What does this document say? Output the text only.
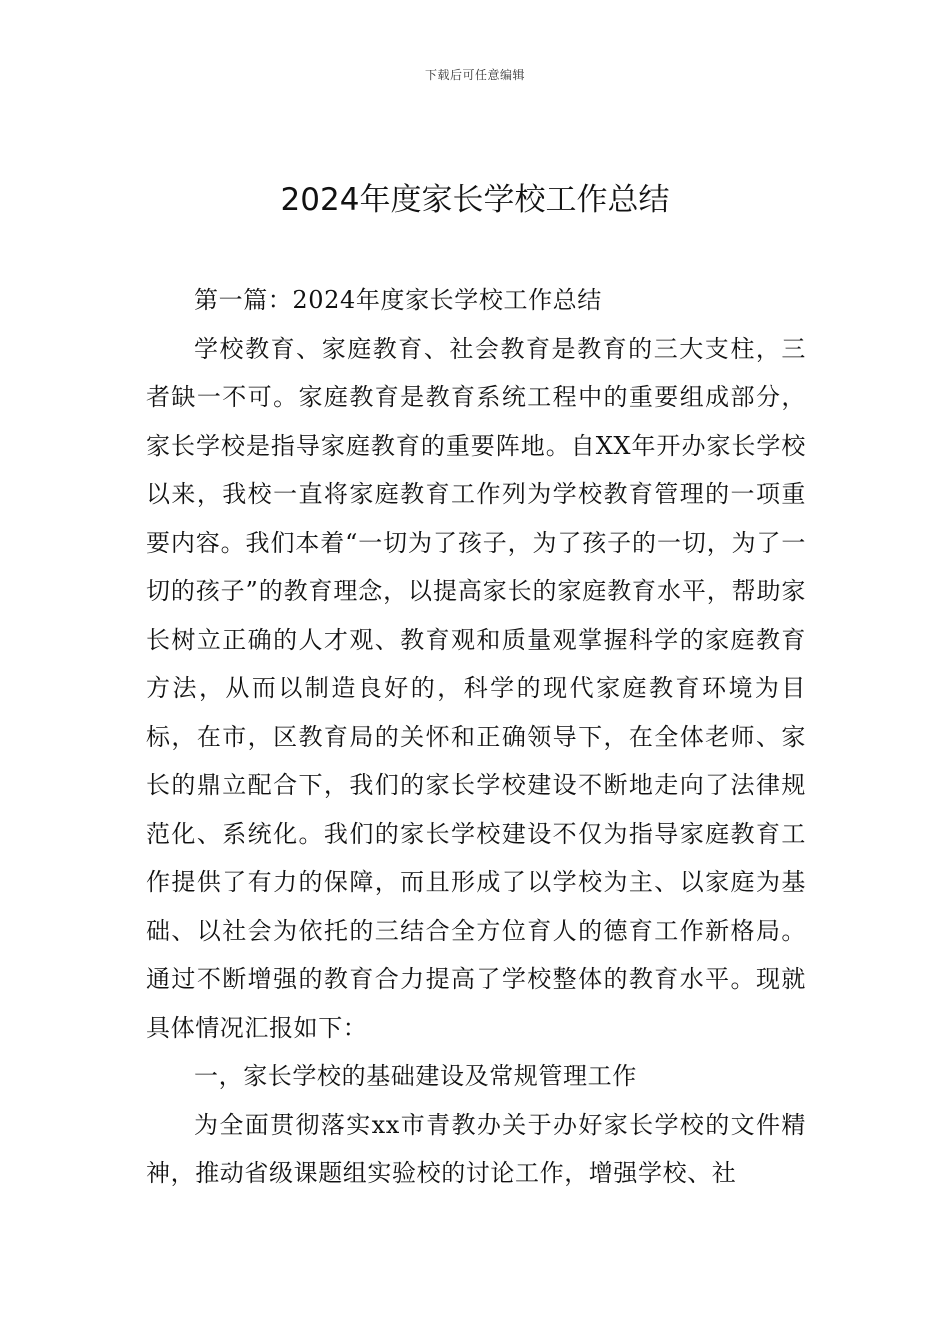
下载后可任意编辑
2024年度家长学校工作总结

第一篇：2024年度家长学校工作总结

学校教育、家庭教育、社会教育是教育的三大支柱，三者缺一不可。家庭教育是教育系统工程中的重要组成部分，家长学校是指导家庭教育的重要阵地。自XX年开办家长学校以来，我校一直将家庭教育工作列为学校教育管理的一项重要内容。我们本着“一切为了孩子，为了孩子的一切，为了一切的孩子”的教育理念，以提高家长的家庭教育水平，帮助家长树立正确的人才观、教育观和质量观掌握科学的家庭教育方法，从而以制造良好的，科学的现代家庭教育环境为目标，在市，区教育局的关怀和正确领导下，在全体老师、家长的鼎立配合下，我们的家长学校建设不断地走向了法律规范化、系统化。我们的家长学校建设不仅为指导家庭教育工作提供了有力的保障，而且形成了以学校为主、以家庭为基础、以社会为依托的三结合全方位育人的德育工作新格局。通过不断增强的教育合力提高了学校整体的教育水平。现就具体情况汇报如下：

一，家长学校的基础建设及常规管理工作

为全面贯彻落实xx市青教办关于办好家长学校的文件精神，推动省级课题组实验校的讨论工作，增强学校、社
